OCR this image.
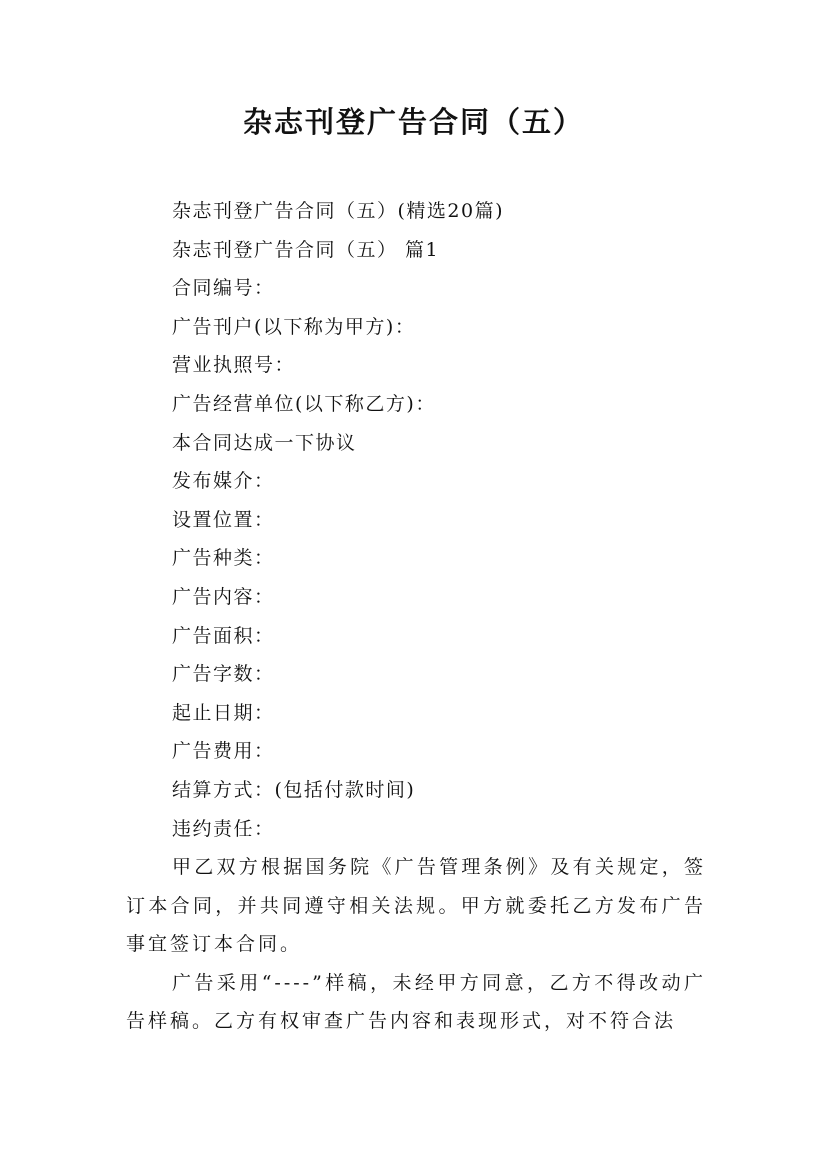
杂志刊登广告合同（五）
杂志刊登广告合同（五）(精选20篇)
杂志刊登广告合同（五） 篇1
合同编号：
广告刊户(以下称为甲方)：
营业执照号：
广告经营单位(以下称乙方)：
本合同达成一下协议
发布媒介：
设置位置：
广告种类：
广告内容：
广告面积：
广告字数：
起止日期：
广告费用：
结算方式：(包括付款时间)
违约责任：
甲乙双方根据国务院《广告管理条例》及有关规定，签订本合同，并共同遵守相关法规。甲方就委托乙方发布广告事宜签订本合同。
广告采用“----”样稿，未经甲方同意，乙方不得改动广告样稿。乙方有权审查广告内容和表现形式，对不符合法
